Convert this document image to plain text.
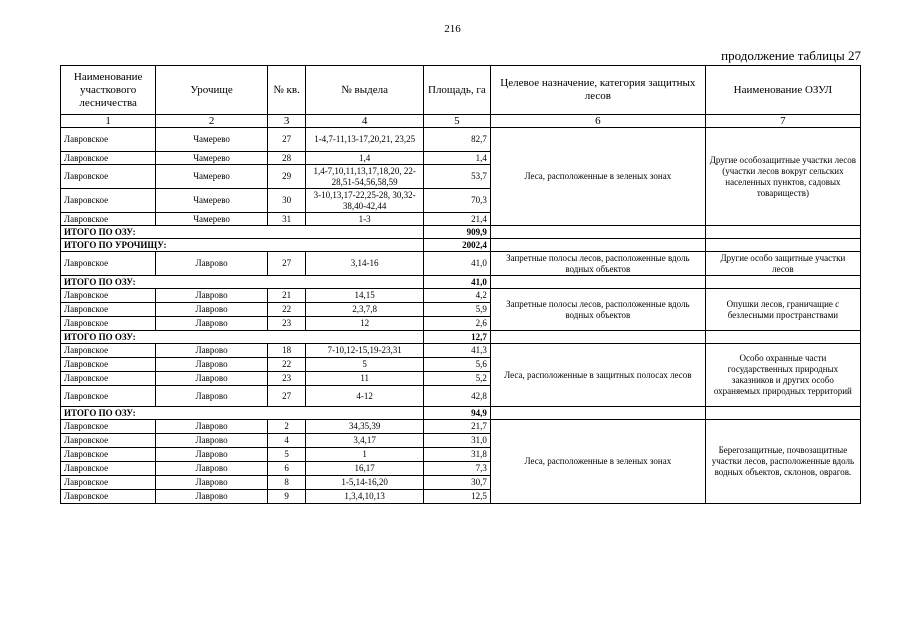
216
продолжение таблицы 27
Наименование участкового лесничества	Урочище	№ кв.	№ выдела	Площадь, га	Целевое назначение, категория защитных лесов	Наименование ОЗУЛ
1	2	3	4	5	6	7
Лавровское	Чамерево	27	1-4,7-11,13-17,20,21, 23,25	82,7	Леса, расположенные в зеленых зонах	Другие особозащитные участки лесов (участки лесов вокруг сельских населенных пунктов, садовых товариществ)
Лавровское	Чамерево	28	1,4	1,4		
Лавровское	Чамерево	29	1,4-7,10,11,13,17,18,20, 22-28,51-54,56,58,59	53,7		
Лавровское	Чамерево	30	3-10,13,17-22,25-28, 30,32-38,40-42,44	70,3		
Лавровское	Чамерево	31	1-3	21,4		
ИТОГО ПО ОЗУ:				909,9		
ИТОГО ПО УРОЧИЩУ:				2002,4		
Лавровское	Лаврово	27	3,14-16	41,0	Запретные полосы лесов, расположенные вдоль водных объектов	Другие особо защитные участки лесов
ИТОГО ПО ОЗУ:				41,0		
Лавровское	Лаврово	21	14,15	4,2	Запретные полосы лесов, расположенные вдоль водных объектов	Опушки лесов, граничащие с безлесными пространствами
Лавровское	Лаврово	22	2,3,7,8	5,9		
Лавровское	Лаврово	23	12	2,6		
ИТОГО ПО ОЗУ:				12,7		
Лавровское	Лаврово	18	7-10,12-15,19-23,31	41,3	Леса, расположенные в защитных полосах лесов	Особо охранные части государственных природных заказников и других особо охраняемых природных территорий
Лавровское	Лаврово	22	5	5,6		
Лавровское	Лаврово	23	11	5,2		
Лавровское	Лаврово	27	4-12	42,8		
ИТОГО ПО ОЗУ:				94,9		
Лавровское	Лаврово	2	34,35,39	21,7	Леса, расположенные в зеленых зонах	Берегозащитные, почвозащитные участки лесов, расположенные вдоль водных объектов, склонов, оврагов.
Лавровское	Лаврово	4	3,4,17	31,0		
Лавровское	Лаврово	5	1	31,8		
Лавровское	Лаврово	6	16,17	7,3		
Лавровское	Лаврово	8	1-5,14-16,20	30,7		
Лавровское	Лаврово	9	1,3,4,10,13	12,5		
